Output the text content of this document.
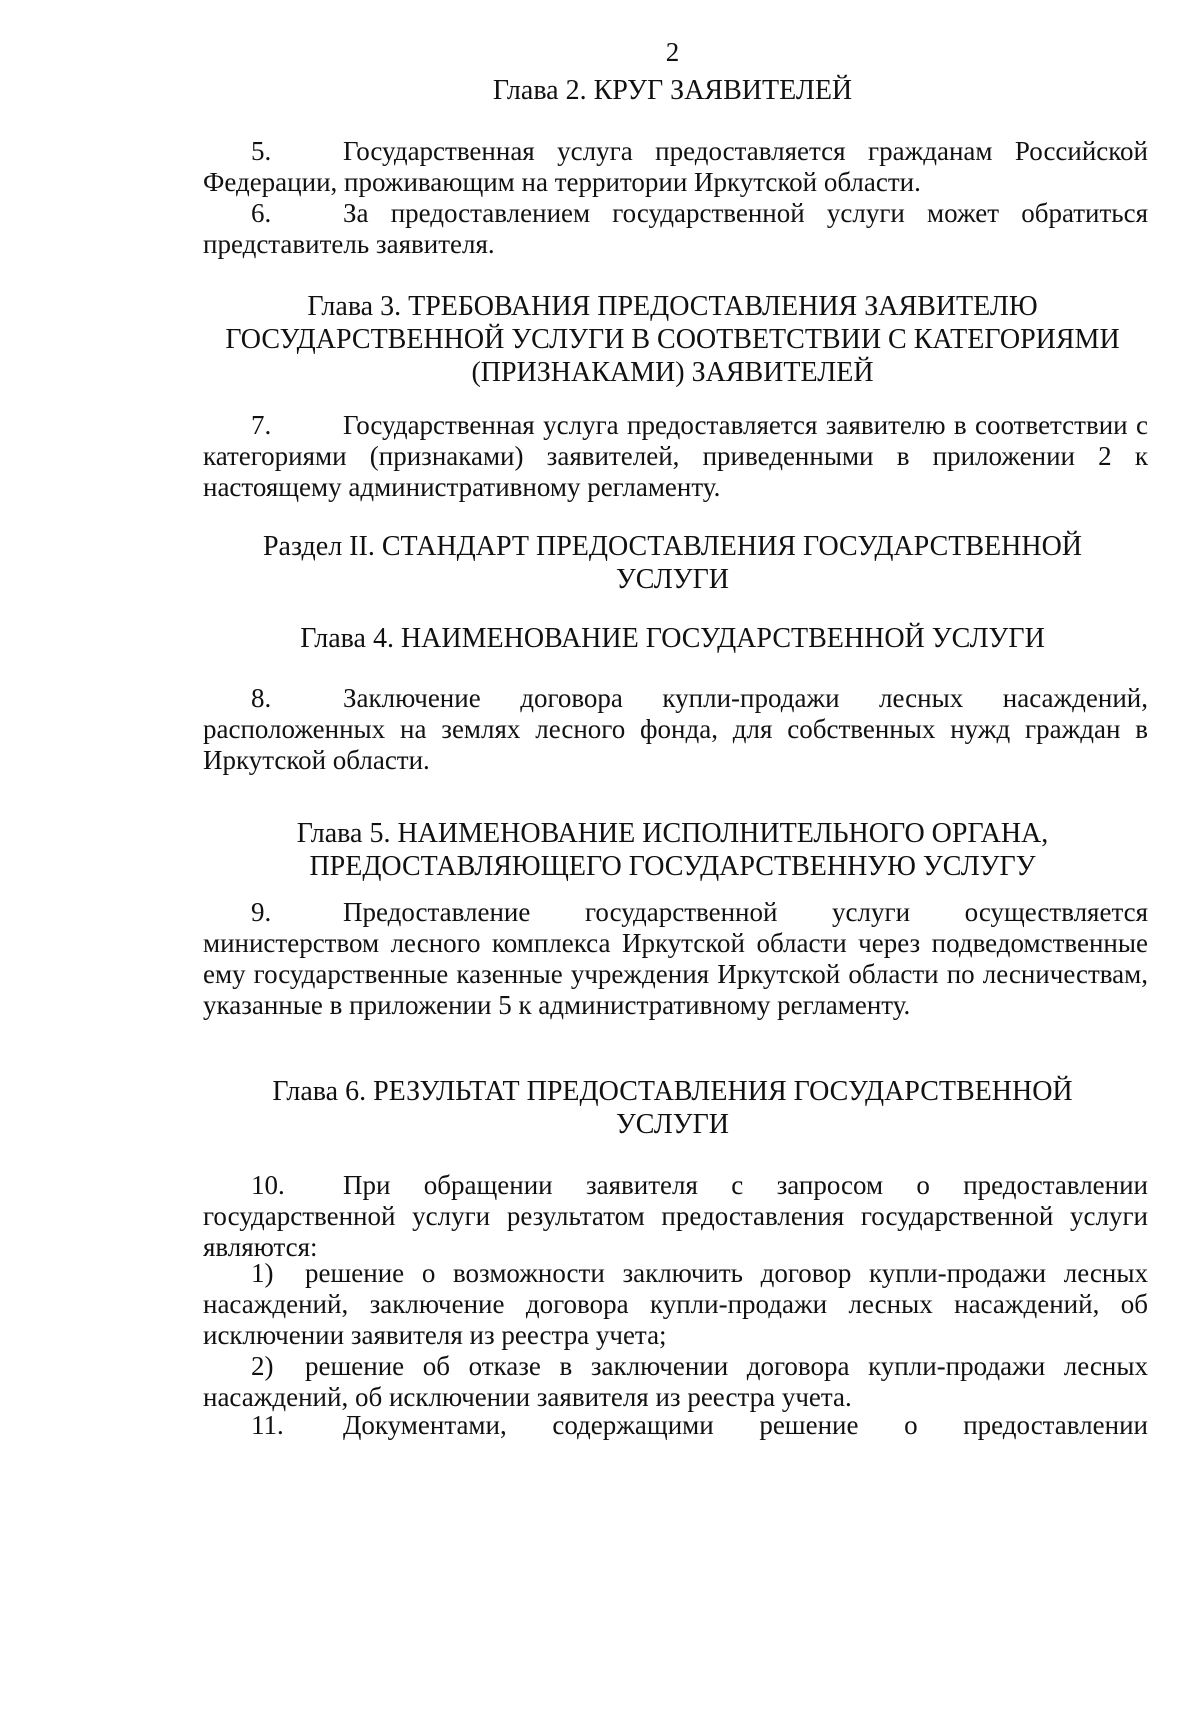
2
Глава 2. КРУГ ЗАЯВИТЕЛЕЙ
5.	Государственная услуга предоставляется гражданам Российской Федерации, проживающим на территории Иркутской области.
6.	За предоставлением государственной услуги может обратиться представитель заявителя.
Глава 3. ТРЕБОВАНИЯ ПРЕДОСТАВЛЕНИЯ ЗАЯВИТЕЛЮ
ГОСУДАРСТВЕННОЙ УСЛУГИ В СООТВЕТСТВИИ С КАТЕГОРИЯМИ
(ПРИЗНАКАМИ) ЗАЯВИТЕЛЕЙ
7.	Государственная услуга предоставляется заявителю в соответствии с категориями (признаками) заявителей, приведенными в приложении 2 к настоящему административному регламенту.
Раздел II. СТАНДАРТ ПРЕДОСТАВЛЕНИЯ ГОСУДАРСТВЕННОЙ
УСЛУГИ
Глава 4. НАИМЕНОВАНИЕ ГОСУДАРСТВЕННОЙ УСЛУГИ
8.	Заключение договора купли-продажи лесных насаждений, расположенных на землях лесного фонда, для собственных нужд граждан в Иркутской области.
Глава 5. НАИМЕНОВАНИЕ ИСПОЛНИТЕЛЬНОГО ОРГАНА,
ПРЕДОСТАВЛЯЮЩЕГО ГОСУДАРСТВЕННУЮ УСЛУГУ
9.	Предоставление государственной услуги осуществляется министерством лесного комплекса Иркутской области через подведомственные ему государственные казенные учреждения Иркутской области по лесничествам, указанные в приложении 5 к административному регламенту.
Глава 6. РЕЗУЛЬТАТ ПРЕДОСТАВЛЕНИЯ ГОСУДАРСТВЕННОЙ
УСЛУГИ
10. При обращении заявителя с запросом о предоставлении государственной услуги результатом предоставления государственной услуги являются:
1) решение о возможности заключить договор купли-продажи лесных насаждений, заключение договора купли-продажи лесных насаждений, об исключении заявителя из реестра учета;
2) решение об отказе в заключении договора купли-продажи лесных насаждений, об исключении заявителя из реестра учета.
11. Документами, содержащими решение о предоставлении
